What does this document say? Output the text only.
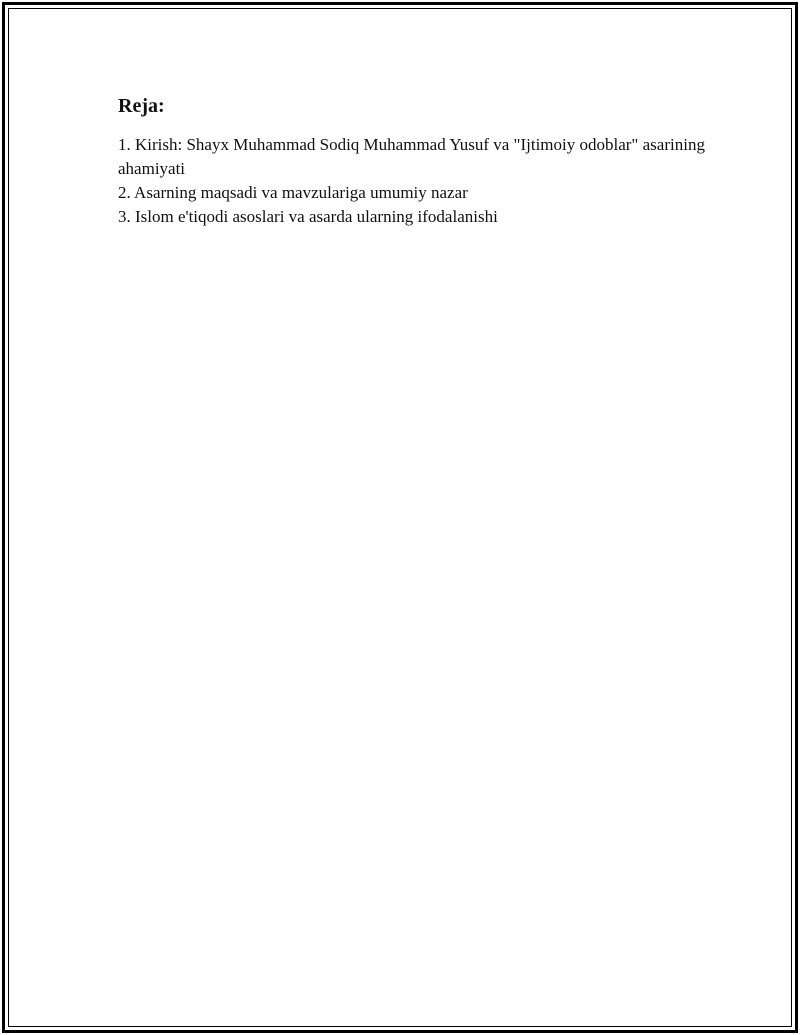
Reja:
1. Kirish: Shayx Muhammad Sodiq Muhammad Yusuf va "Ijtimoiy odoblar" asarining ahamiyati
2. Asarning maqsadi va mavzulariga umumiy nazar
3. Islom e'tiqodi asoslari va asarda ularning ifodalanishi
